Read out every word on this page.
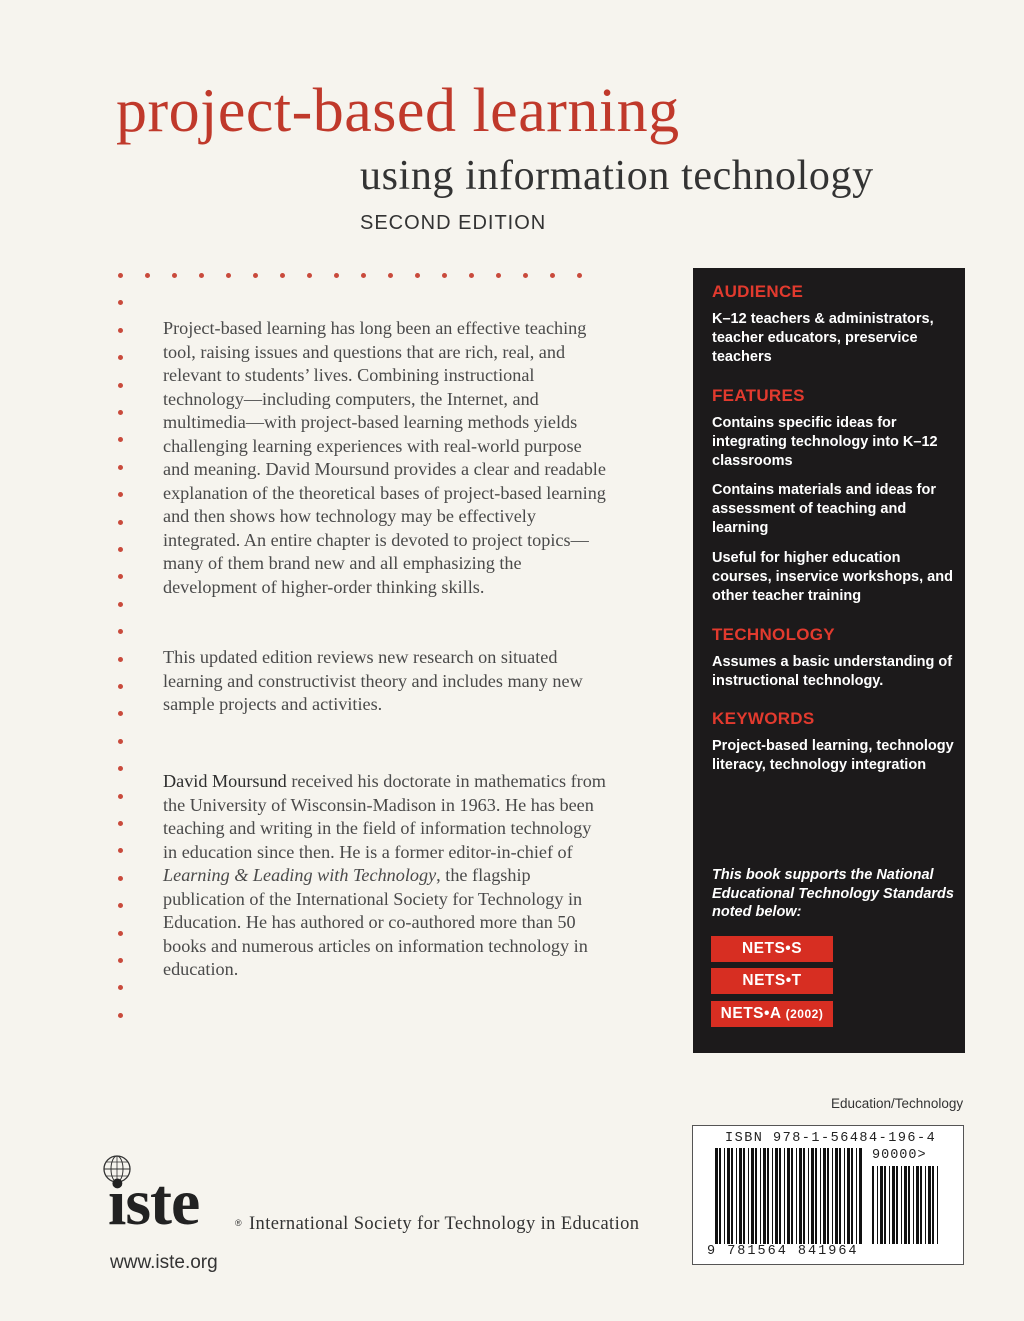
project-based learning
using information technology
SECOND EDITION

Project-based learning has long been an effective teaching tool, raising issues and questions that are rich, real, and relevant to students’ lives. Combining instructional technology—including computers, the Internet, and multimedia—with project-based learning methods yields challenging learning experiences with real-world purpose and meaning. David Moursund provides a clear and readable explanation of the theoretical bases of project-based learning and then shows how technology may be effectively integrated. An entire chapter is devoted to project topics—many of them brand new and all emphasizing the development of higher-order thinking skills.

This updated edition reviews new research on situated learning and constructivist theory and includes many new sample projects and activities.

David Moursund received his doctorate in mathematics from the University of Wisconsin-Madison in 1963. He has been teaching and writing in the field of information technology in education since then. He is a former editor-in-chief of Learning & Leading with Technology, the flagship publication of the International Society for Technology in Education. He has authored or co-authored more than 50 books and numerous articles on information technology in education.

AUDIENCE
K–12 teachers & administrators, teacher educators, preservice teachers
FEATURES
Contains specific ideas for integrating technology into K–12 classrooms
Contains materials and ideas for assessment of teaching and learning
Useful for higher education courses, inservice workshops, and other teacher training
TECHNOLOGY
Assumes a basic understanding of instructional technology.
KEYWORDS
Project-based learning, technology literacy, technology integration
This book supports the National Educational Technology Standards noted below:
NETS•S
NETS•T
NETS•A (2002)
Education/Technology
ISBN 978-1-56484-196-4
90000>
9 781564 841964
iste	® International Society for Technology in Education
www.iste.org
